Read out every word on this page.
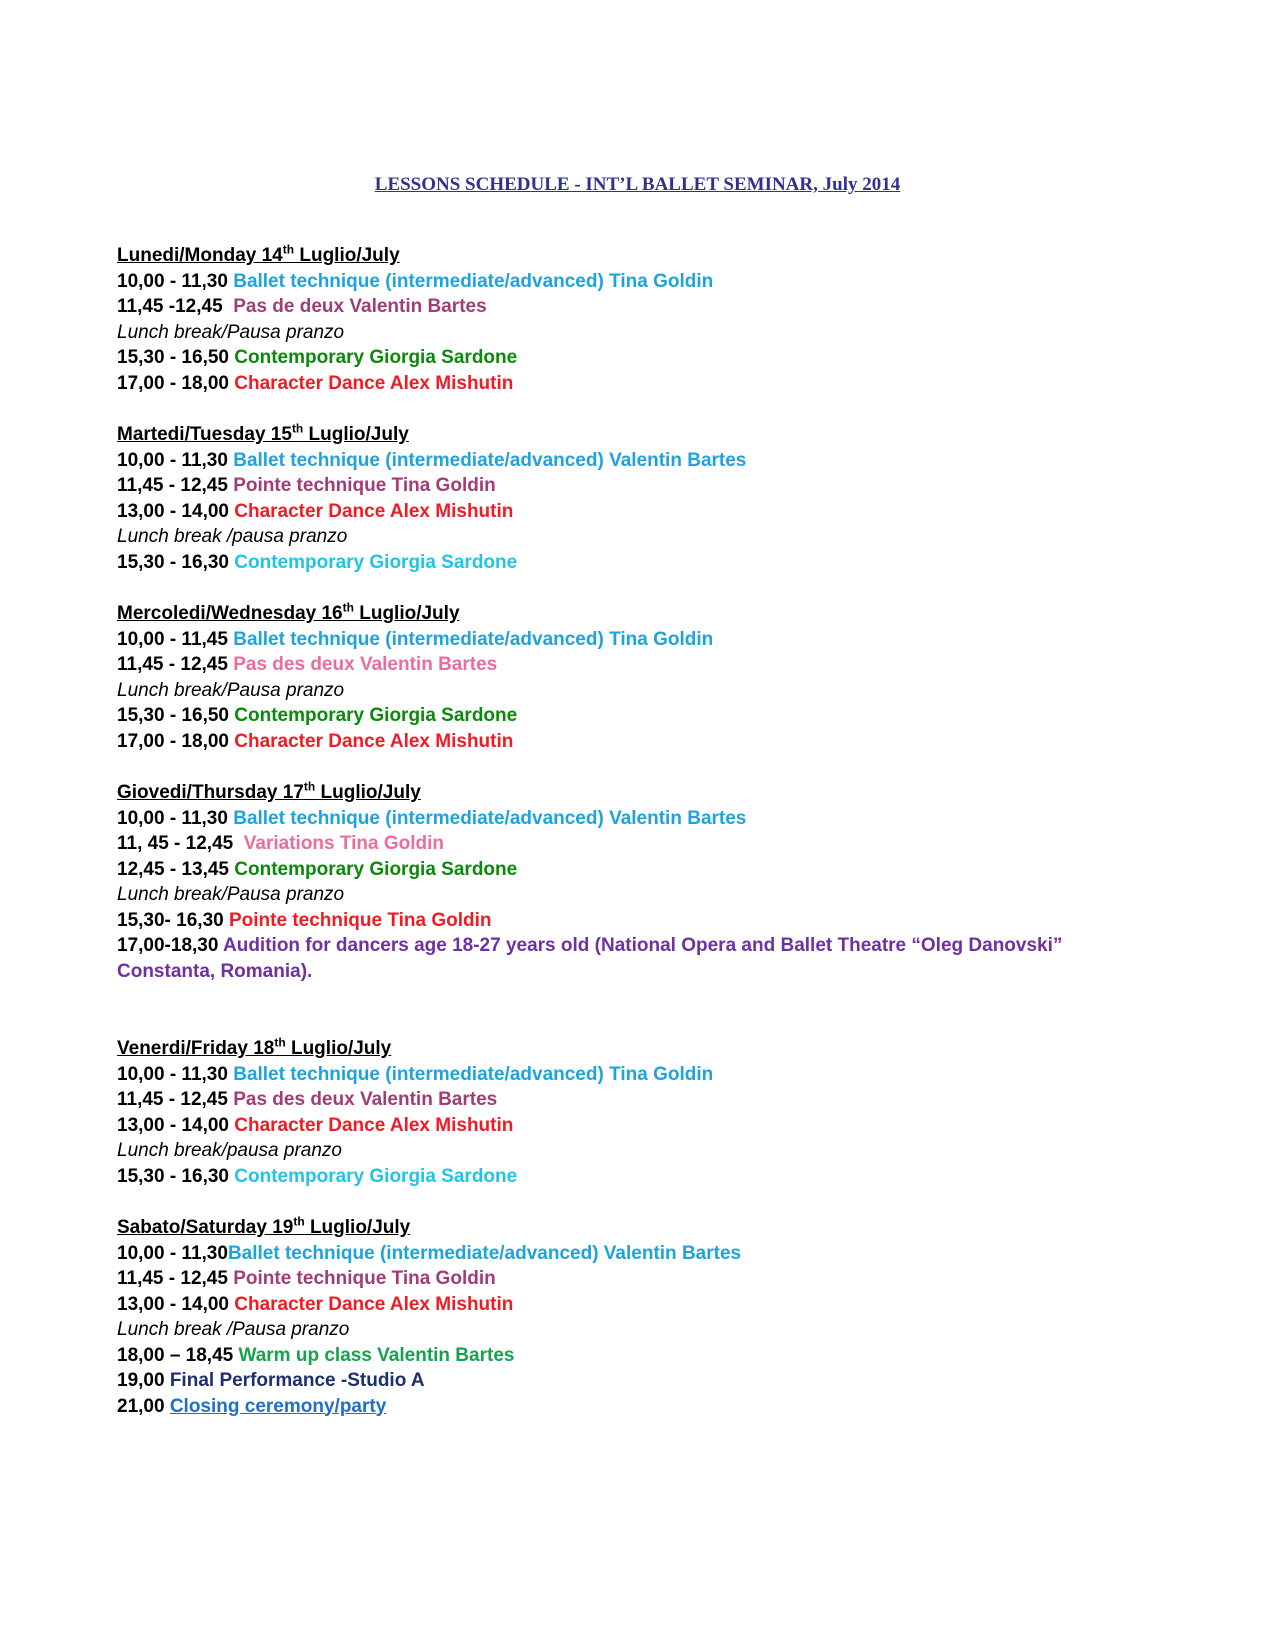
LESSONS SCHEDULE - INT’L BALLET SEMINAR, July 2014
Lunedi/Monday 14th Luglio/July
10,00 - 11,30 Ballet technique (intermediate/advanced) Tina Goldin
11,45 -12,45  Pas de deux Valentin Bartes
Lunch break/Pausa pranzo
15,30 - 16,50 Contemporary Giorgia Sardone
17,00 - 18,00 Character Dance Alex Mishutin
Martedi/Tuesday 15th Luglio/July
10,00 - 11,30 Ballet technique (intermediate/advanced) Valentin Bartes
11,45 - 12,45 Pointe technique Tina Goldin
13,00 - 14,00 Character Dance Alex Mishutin
Lunch break /pausa pranzo
15,30 - 16,30 Contemporary Giorgia Sardone
Mercoledi/Wednesday 16th Luglio/July
10,00 - 11,45 Ballet technique (intermediate/advanced) Tina Goldin
11,45 - 12,45 Pas des deux Valentin Bartes
Lunch break/Pausa pranzo
15,30 - 16,50 Contemporary Giorgia Sardone
17,00 - 18,00 Character Dance Alex Mishutin
Giovedi/Thursday 17th Luglio/July
10,00 - 11,30 Ballet technique (intermediate/advanced) Valentin Bartes
11, 45 - 12,45  Variations Tina Goldin
12,45 - 13,45 Contemporary Giorgia Sardone
Lunch break/Pausa pranzo
15,30- 16,30 Pointe technique Tina Goldin
17,00-18,30 Audition for dancers age 18-27 years old (National Opera and Ballet Theatre “Oleg Danovski” Constanta, Romania).
Venerdi/Friday 18th Luglio/July
10,00 - 11,30 Ballet technique (intermediate/advanced) Tina Goldin
11,45 - 12,45 Pas des deux Valentin Bartes
13,00 - 14,00 Character Dance Alex Mishutin
Lunch break/pausa pranzo
15,30 - 16,30 Contemporary Giorgia Sardone
Sabato/Saturday 19th Luglio/July
10,00 - 11,30Ballet technique (intermediate/advanced) Valentin Bartes
11,45 - 12,45 Pointe technique Tina Goldin
13,00 - 14,00 Character Dance Alex Mishutin
Lunch break /Pausa pranzo
18,00 – 18,45 Warm up class Valentin Bartes
19,00 Final Performance -Studio A
21,00 Closing ceremony/party
